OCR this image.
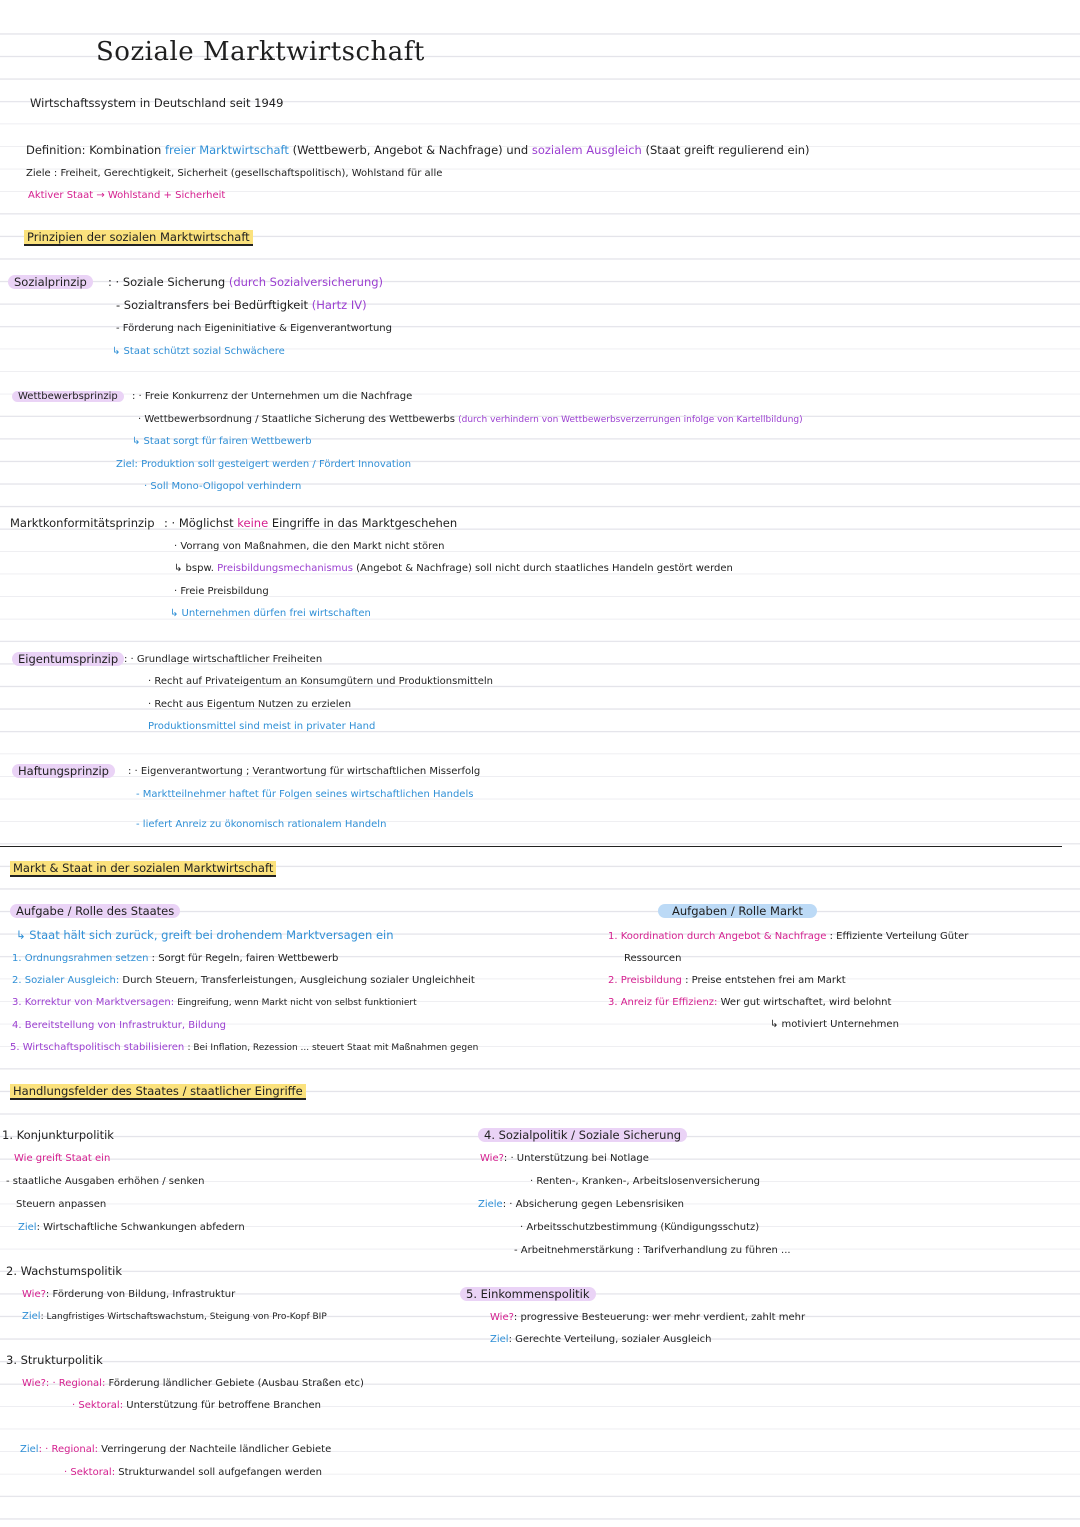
Soziale Marktwirtschaft
Wirtschaftssystem in Deutschland seit 1949
Definition: Kombination freier Marktwirtschaft (Wettbewerb, Angebot & Nachfrage) und sozialem Ausgleich (Staat greift regulierend ein)
Ziele : Freiheit, Gerechtigkeit, Sicherheit (gesellschaftspolitisch), Wohlstand für alle
Aktiver Staat → Wohlstand + Sicherheit
Prinzipien der sozialen Marktwirtschaft
Sozialprinzip	: · Soziale Sicherung (durch Sozialversicherung)
- Sozialtransfers bei Bedürftigkeit (Hartz IV)
- Förderung nach Eigeninitiative & Eigenverantwortung
↳ Staat schützt sozial Schwächere
Wettbewerbsprinzip	: · Freie Konkurrenz der Unternehmen um die Nachfrage
· Wettbewerbsordnung / Staatliche Sicherung des Wettbewerbs (durch verhindern von Wettbewerbsverzerrungen infolge von Kartellbildung)
↳ Staat sorgt für fairen Wettbewerb
Ziel: Produktion soll gesteigert werden / Fördert Innovation
· Soll Mono-Oligopol verhindern
Marktkonformitätsprinzip : · Möglichst keine Eingriffe in das Marktgeschehen
· Vorrang von Maßnahmen, die den Markt nicht stören
↳ bspw. Preisbildungsmechanismus (Angebot & Nachfrage) soll nicht durch staatliches Handeln gestört werden
· Freie Preisbildung
↳ Unternehmen dürfen frei wirtschaften
Eigentumsprinzip : · Grundlage wirtschaftlicher Freiheiten
· Recht auf Privateigentum an Konsumgütern und Produktionsmitteln
· Recht aus Eigentum Nutzen zu erzielen
Produktionsmittel sind meist in privater Hand
Haftungsprinzip	: · Eigenverantwortung ; Verantwortung für wirtschaftlichen Misserfolg
- Marktteilnehmer haftet für Folgen seines wirtschaftlichen Handels
- liefert Anreiz zu ökonomisch rationalem Handeln
Markt & Staat in der sozialen Marktwirtschaft
Aufgabe / Rolle des Staates
↳ Staat hält sich zurück, greift bei drohendem Marktversagen ein
1. Ordnungsrahmen setzen : Sorgt für Regeln, fairen Wettbewerb
2. Sozialer Ausgleich: Durch Steuern, Transferleistungen, Ausgleichung sozialer Ungleichheit
3. Korrektur von Marktversagen: Eingreifung, wenn Markt nicht von selbst funktioniert
4. Bereitstellung von Infrastruktur, Bildung
5. Wirtschaftspolitisch stabilisieren : Bei Inflation, Rezession ... steuert Staat mit Maßnahmen gegen
Aufgaben / Rolle Markt
1. Koordination durch Angebot & Nachfrage : Effiziente Verteilung Güter
Ressourcen
2. Preisbildung : Preise entstehen frei am Markt
3. Anreiz für Effizienz: Wer gut wirtschaftet, wird belohnt
↳ motiviert Unternehmen
Handlungsfelder des Staates / staatlicher Eingriffe
1. Konjunkturpolitik
Wie greift Staat ein
- staatliche Ausgaben erhöhen / senken
Steuern anpassen
Ziel: Wirtschaftliche Schwankungen abfedern
2. Wachstumspolitik
Wie?: Förderung von Bildung, Infrastruktur
Ziel: Langfristiges Wirtschaftswachstum, Steigung von Pro-Kopf BIP
3. Strukturpolitik
Wie?: · Regional: Förderung ländlicher Gebiete (Ausbau Straßen etc)
· Sektoral: Unterstützung für betroffene Branchen
Ziel: · Regional: Verringerung der Nachteile ländlicher Gebiete
· Sektoral: Strukturwandel soll aufgefangen werden
4. Sozialpolitik / Soziale Sicherung
Wie?: · Unterstützung bei Notlage
· Renten-, Kranken-, Arbeitslosenversicherung
Ziele: · Absicherung gegen Lebensrisiken
· Arbeitsschutzbestimmung (Kündigungsschutz)
- Arbeitnehmerstärkung : Tarifverhandlung zu führen ...
5. Einkommenspolitik
Wie?: progressive Besteuerung: wer mehr verdient, zahlt mehr
Ziel: Gerechte Verteilung, sozialer Ausgleich
